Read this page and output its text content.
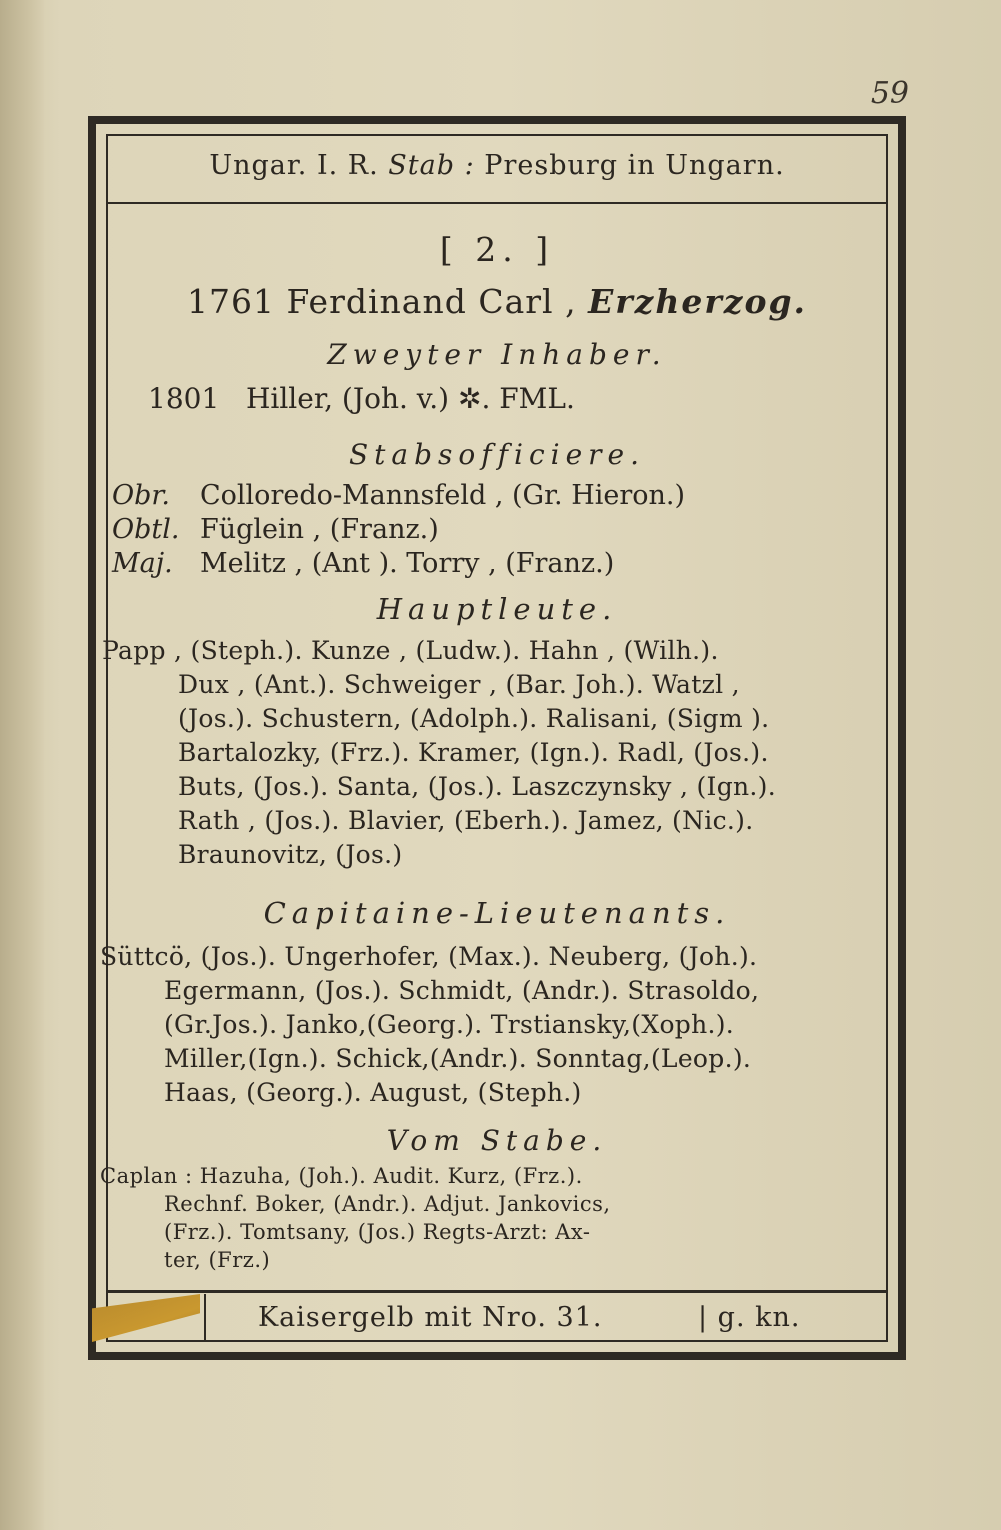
59
Ungar. I. R. Stab : Presburg in Ungarn.
[ 2. ]
1761 Ferdinand Carl , Erzherzog.
Zweyter Inhaber.
1801 Hiller, (Joh. v.) ✲. FML.
Stabsofficiere.
Obr. Colloredo-Mannsfeld , (Gr. Hieron.)
Obtl. Füglein , (Franz.)
Maj. Melitz , (Ant ). Torry , (Franz.)
Hauptleute.
Papp , (Steph.). Kunze , (Ludw.). Hahn , (Wilh.).
Dux , (Ant.). Schweiger , (Bar. Joh.). Watzl ,
(Jos.). Schustern, (Adolph.). Ralisani, (Sigm ).
Bartalozky, (Frz.). Kramer, (Ign.). Radl, (Jos.).
Buts, (Jos.). Santa, (Jos.). Laszczynsky , (Ign.).
Rath , (Jos.). Blavier, (Eberh.). Jamez, (Nic.).
Braunovitz, (Jos.)
Capitaine-Lieutenants.
Süttcö, (Jos.). Ungerhofer, (Max.). Neuberg, (Joh.).
Egermann, (Jos.). Schmidt, (Andr.). Strasoldo,
(Gr.Jos.). Janko,(Georg.). Trstiansky,(Xoph.).
Miller,(Ign.). Schick,(Andr.). Sonntag,(Leop.).
Haas, (Georg.). August, (Steph.)
Vom Stabe.
Caplan : Hazuha, (Joh.). Audit. Kurz, (Frz.).
Rechnf. Boker, (Andr.). Adjut. Jankovics,
(Frz.). Tomtsany, (Jos.) Regts-Arzt: Ax-
ter, (Frz.)
Kaisergelb mit Nro. 31.	| g. kn.
